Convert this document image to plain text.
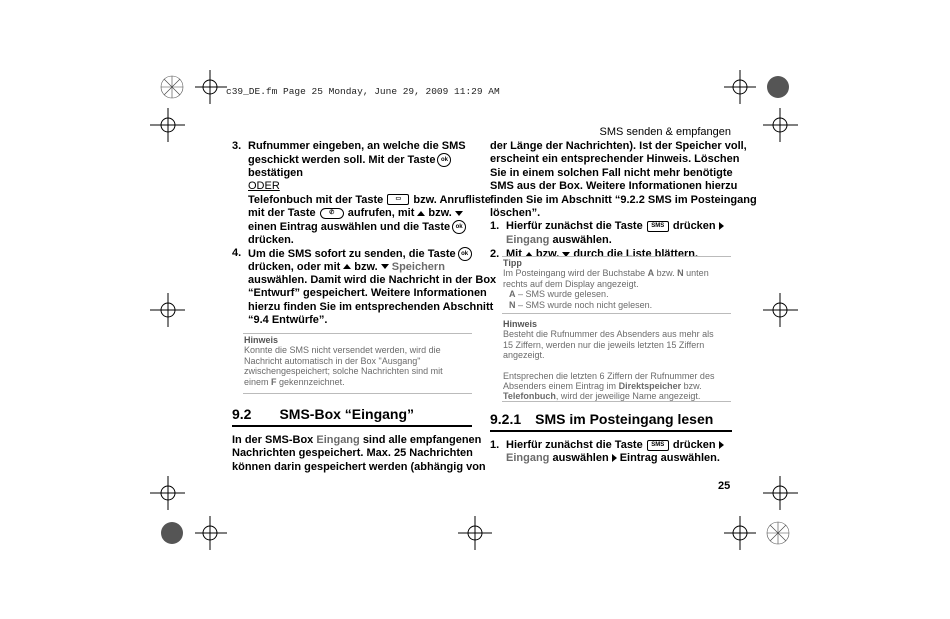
c39_DE.fm Page 25 Monday, June 29, 2009 11:29 AM
SMS senden & empfangen
3. Rufnummer eingeben, an welche die SMS
geschickt werden soll. Mit der Taste ok
bestätigen
ODER
Telefonbuch mit der Taste ▭ bzw. Anrufliste
mit der Taste ✆ aufrufen, mit bzw.
einen Eintrag auswählen und die Taste ok
drücken.
4. Um die SMS sofort zu senden, die Taste ok
drücken, oder mit bzw. Speichern
auswählen. Damit wird die Nachricht in der Box
“Entwurf” gespeichert. Weitere Informationen
hierzu finden Sie im entsprechenden Abschnitt
“9.4 Entwürfe”.
Hinweis
Konnte die SMS nicht versendet werden, wird die
Nachricht automatisch in der Box "Ausgang"
zwischengespeichert; solche Nachrichten sind mit
einem F gekennzeichnet.
9.2 SMS-Box “Eingang”
In der SMS-Box Eingang sind alle empfangenen
Nachrichten gespeichert. Max. 25 Nachrichten
können darin gespeichert werden (abhängig von
der Länge der Nachrichten). Ist der Speicher voll,
erscheint ein entsprechender Hinweis. Löschen
Sie in einem solchen Fall nicht mehr benötigte
SMS aus der Box. Weitere Informationen hierzu
finden Sie im Abschnitt “9.2.2 SMS im Posteingang
löschen”.
1. Hierfür zunächst die Taste SMS drücken
Eingang auswählen.
2. Mit bzw. durch die Liste blättern.
Tipp
Im Posteingang wird der Buchstabe A bzw. N unten
rechts auf dem Display angezeigt.
A – SMS wurde gelesen.
N – SMS wurde noch nicht gelesen.
Hinweis
Besteht die Rufnummer des Absenders aus mehr als
15 Ziffern, werden nur die jeweils letzten 15 Ziffern
angezeigt.
Entsprechen die letzten 6 Ziffern der Rufnummer des
Absenders einem Eintrag im Direktspeicher bzw.
Telefonbuch, wird der jeweilige Name angezeigt.
9.2.1 SMS im Posteingang lesen
1. Hierfür zunächst die Taste SMS drücken
Eingang auswählen Eintrag auswählen.
25
